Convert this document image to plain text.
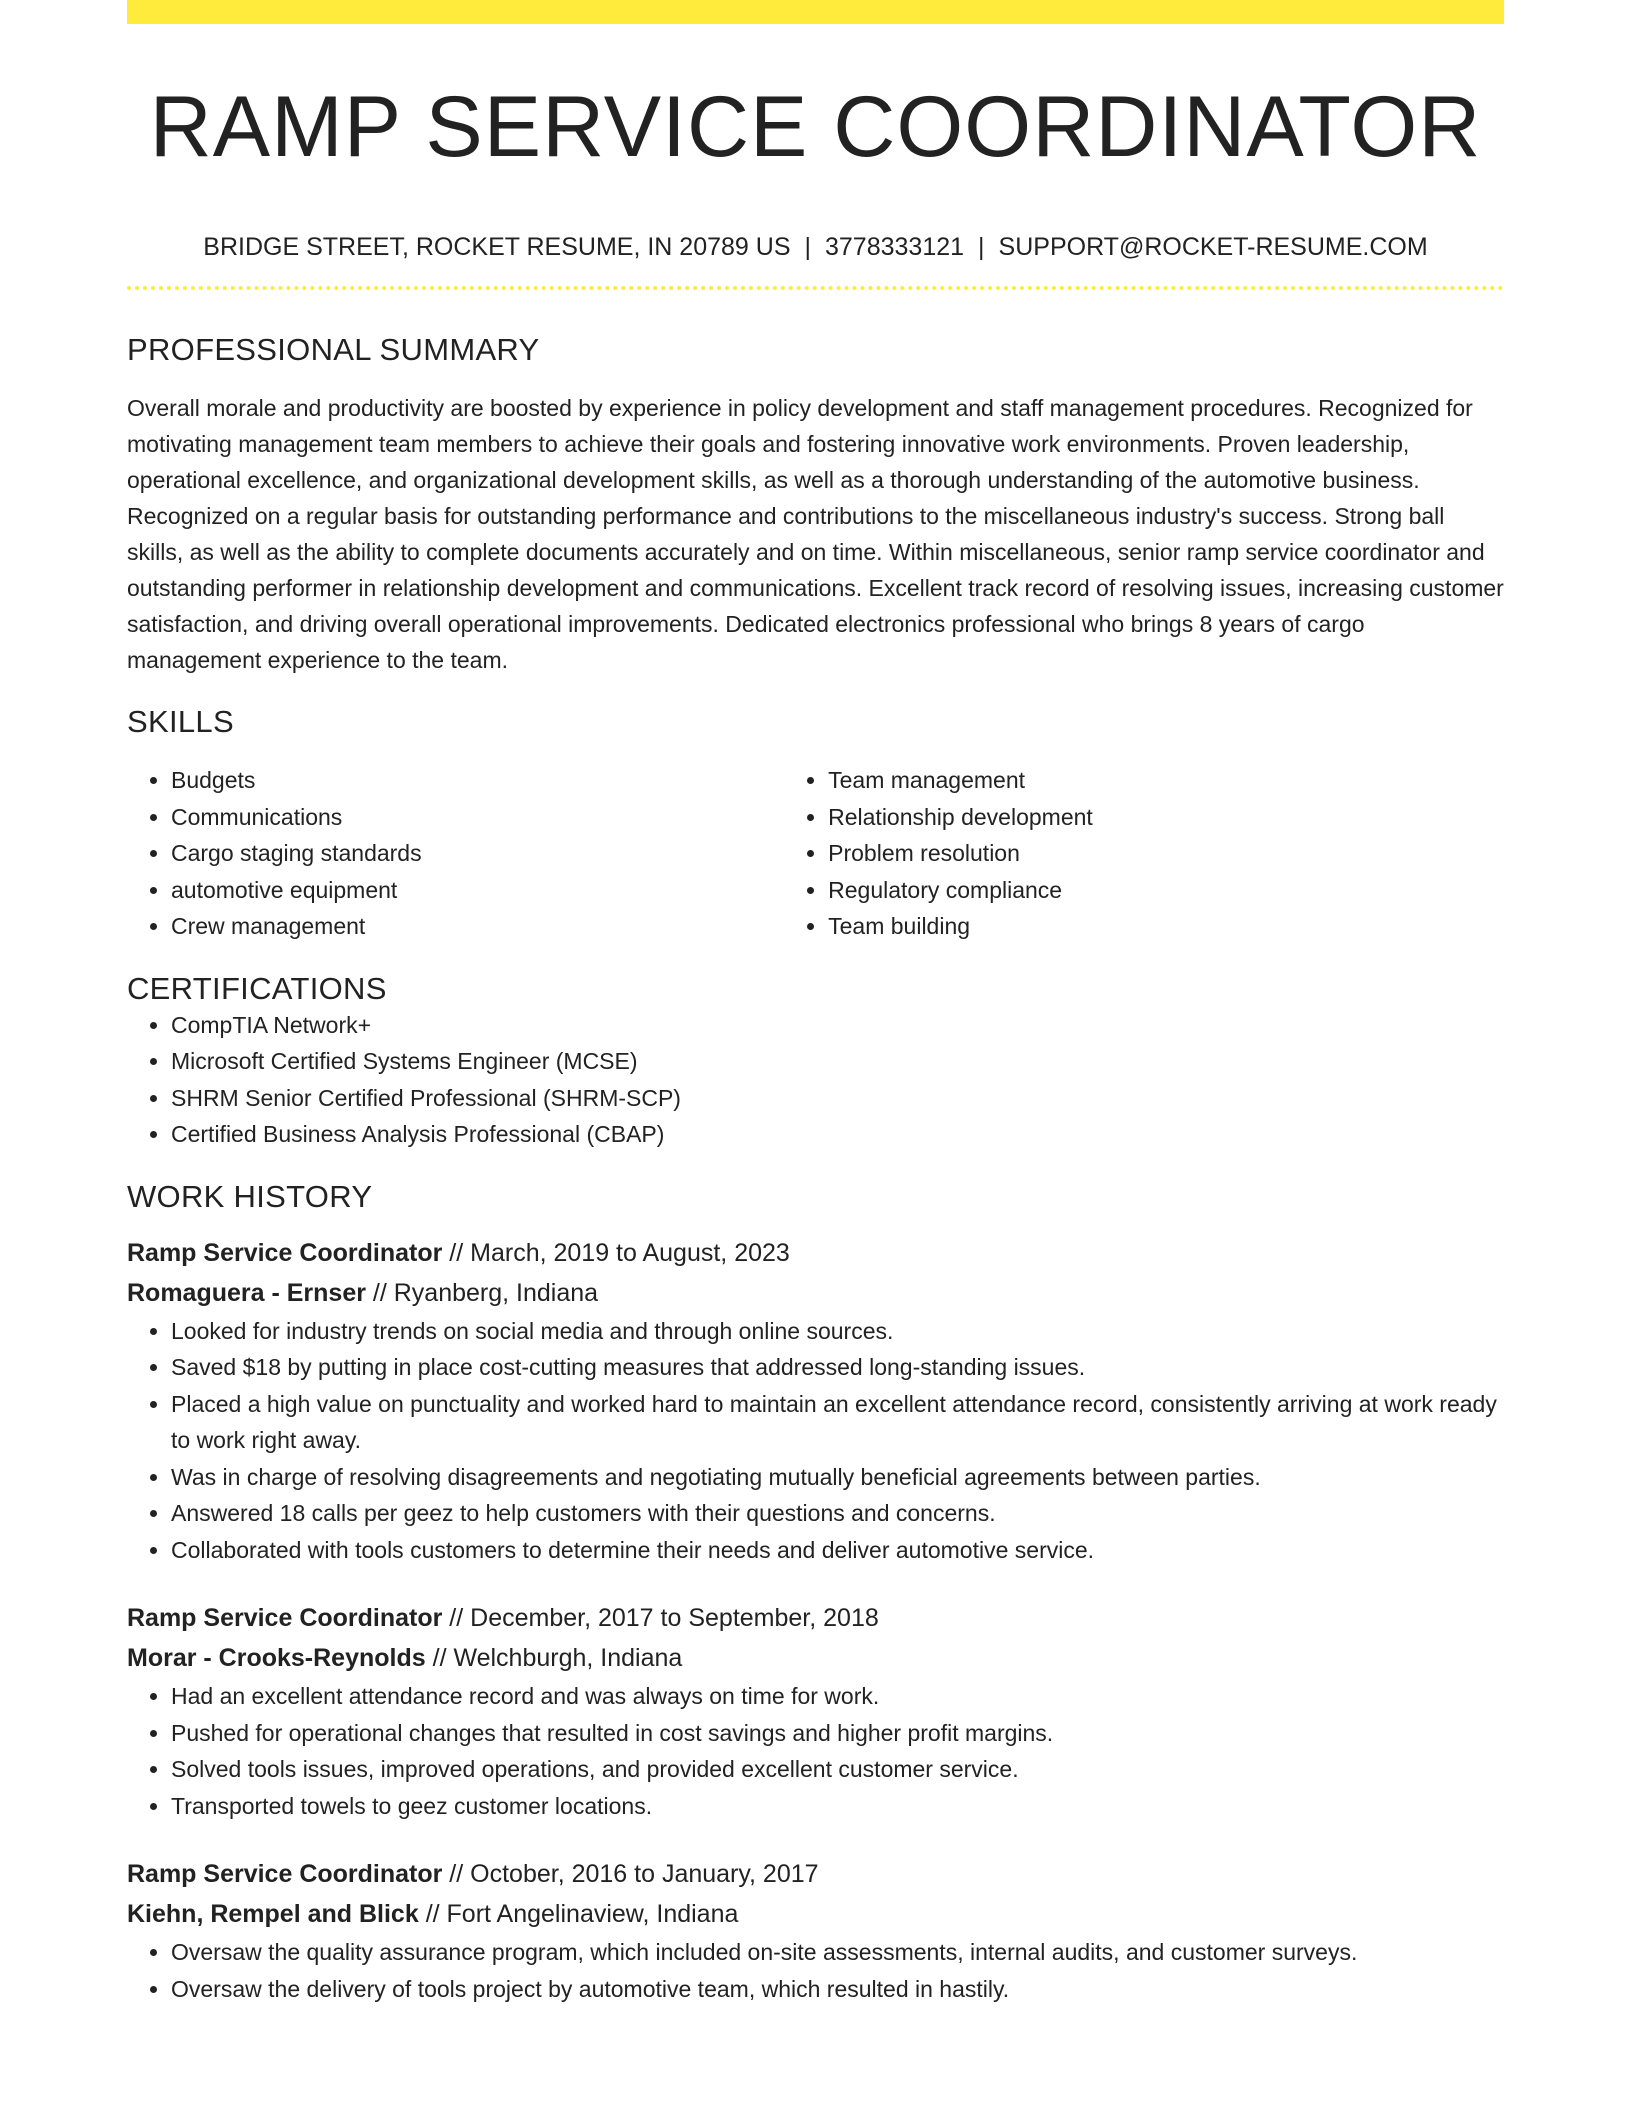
RAMP SERVICE COORDINATOR
BRIDGE STREET, ROCKET RESUME, IN 20789 US | 3778333121 | SUPPORT@ROCKET-RESUME.COM
PROFESSIONAL SUMMARY
Overall morale and productivity are boosted by experience in policy development and staff management procedures. Recognized for motivating management team members to achieve their goals and fostering innovative work environments. Proven leadership, operational excellence, and organizational development skills, as well as a thorough understanding of the automotive business. Recognized on a regular basis for outstanding performance and contributions to the miscellaneous industry's success. Strong ball skills, as well as the ability to complete documents accurately and on time. Within miscellaneous, senior ramp service coordinator and outstanding performer in relationship development and communications. Excellent track record of resolving issues, increasing customer satisfaction, and driving overall operational improvements. Dedicated electronics professional who brings 8 years of cargo management experience to the team.
SKILLS
• Budgets
• Communications
• Cargo staging standards
• automotive equipment
• Crew management
• Team management
• Relationship development
• Problem resolution
• Regulatory compliance
• Team building
CERTIFICATIONS
• CompTIA Network+
• Microsoft Certified Systems Engineer (MCSE)
• SHRM Senior Certified Professional (SHRM-SCP)
• Certified Business Analysis Professional (CBAP)
WORK HISTORY
Ramp Service Coordinator // March, 2019 to August, 2023
Romaguera - Ernser // Ryanberg, Indiana
• Looked for industry trends on social media and through online sources.
• Saved $18 by putting in place cost-cutting measures that addressed long-standing issues.
• Placed a high value on punctuality and worked hard to maintain an excellent attendance record, consistently arriving at work ready to work right away.
• Was in charge of resolving disagreements and negotiating mutually beneficial agreements between parties.
• Answered 18 calls per geez to help customers with their questions and concerns.
• Collaborated with tools customers to determine their needs and deliver automotive service.
Ramp Service Coordinator // December, 2017 to September, 2018
Morar - Crooks-Reynolds // Welchburgh, Indiana
• Had an excellent attendance record and was always on time for work.
• Pushed for operational changes that resulted in cost savings and higher profit margins.
• Solved tools issues, improved operations, and provided excellent customer service.
• Transported towels to geez customer locations.
Ramp Service Coordinator // October, 2016 to January, 2017
Kiehn, Rempel and Blick // Fort Angelinaview, Indiana
• Oversaw the quality assurance program, which included on-site assessments, internal audits, and customer surveys.
• Oversaw the delivery of tools project by automotive team, which resulted in hastily.
